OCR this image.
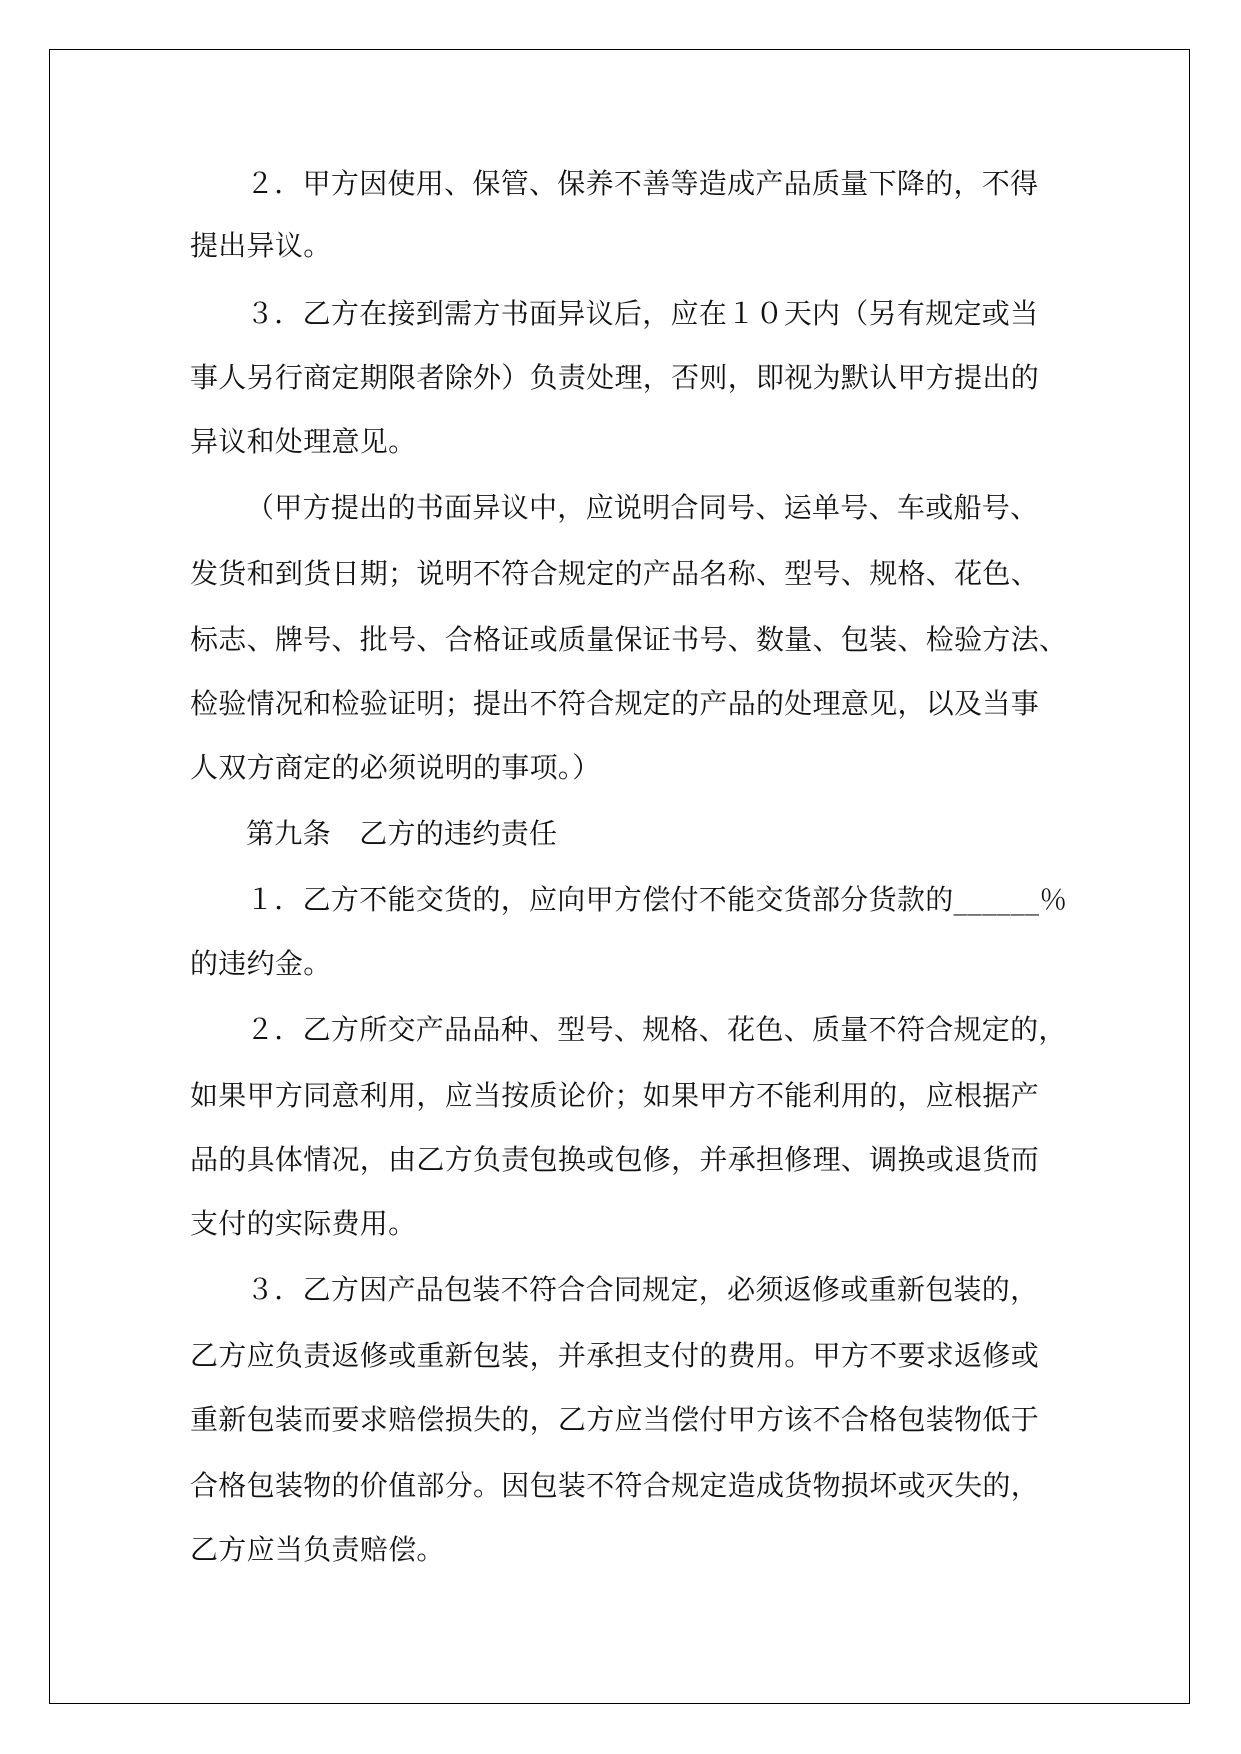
２．甲方因使用、保管、保养不善等造成产品质量下降的，不得
提出异议。
３．乙方在接到需方书面异议后，应在１０天内（另有规定或当
事人另行商定期限者除外）负责处理，否则，即视为默认甲方提出的
异议和处理意见。
（甲方提出的书面异议中，应说明合同号、运单号、车或船号、
发货和到货日期；说明不符合规定的产品名称、型号、规格、花色、
标志、牌号、批号、合格证或质量保证书号、数量、包装、检验方法、
检验情况和检验证明；提出不符合规定的产品的处理意见，以及当事
人双方商定的必须说明的事项。）
第九条　乙方的违约责任
１．乙方不能交货的，应向甲方偿付不能交货部分货款的______％
的违约金。
２．乙方所交产品品种、型号、规格、花色、质量不符合规定的，
如果甲方同意利用，应当按质论价；如果甲方不能利用的，应根据产
品的具体情况，由乙方负责包换或包修，并承担修理、调换或退货而
支付的实际费用。
３．乙方因产品包装不符合合同规定，必须返修或重新包装的，
乙方应负责返修或重新包装，并承担支付的费用。甲方不要求返修或
重新包装而要求赔偿损失的，乙方应当偿付甲方该不合格包装物低于
合格包装物的价值部分。因包装不符合规定造成货物损坏或灭失的，
乙方应当负责赔偿。
